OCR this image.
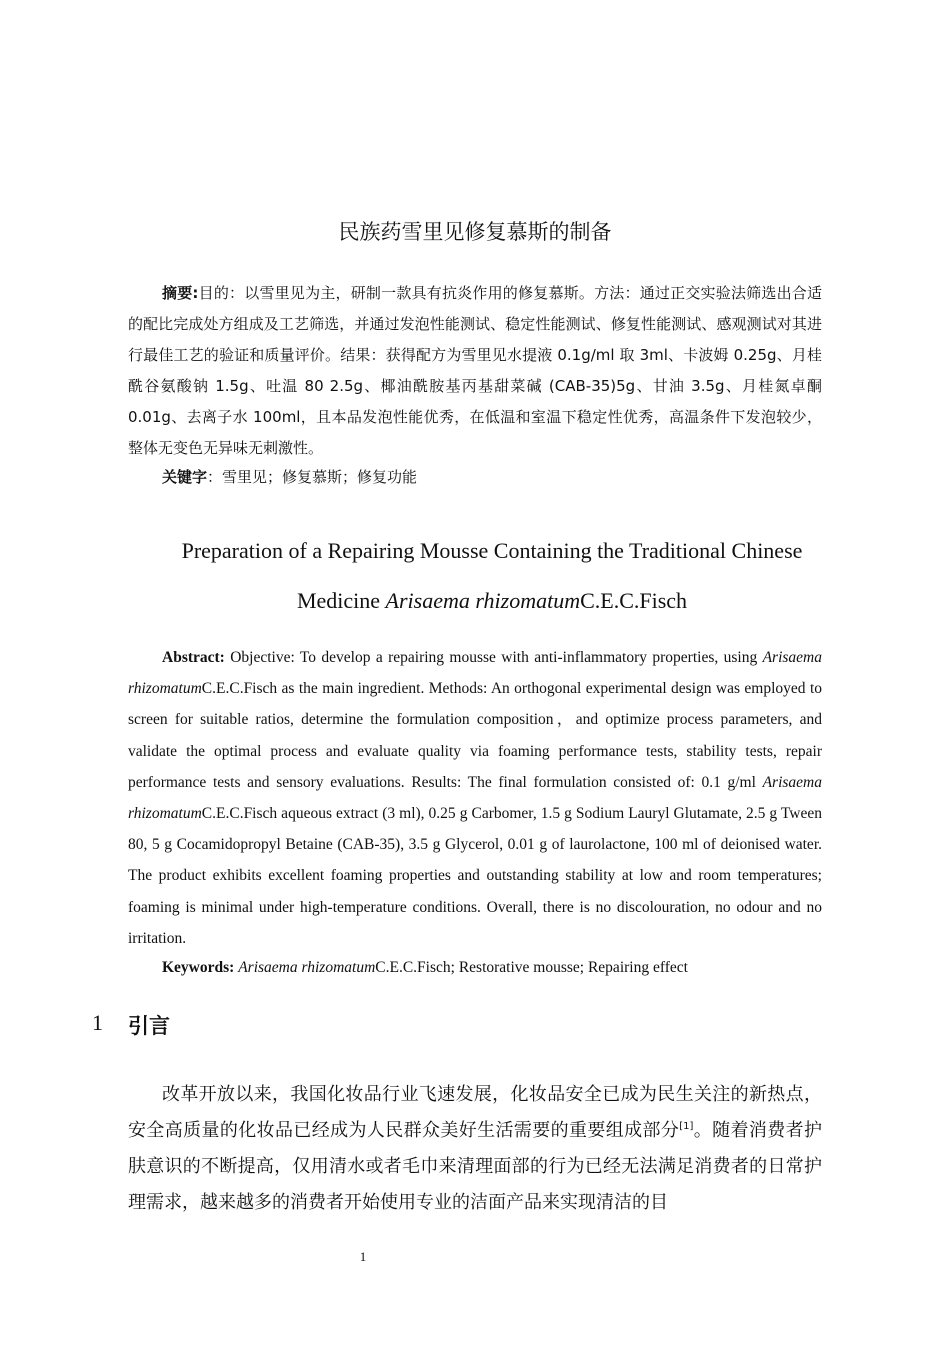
民族药雪里见修复慕斯的制备
摘要:目的：以雪里见为主，研制一款具有抗炎作用的修复慕斯。方法：通过正交实验法筛选出合适的配比完成处方组成及工艺筛选，并通过发泡性能测试、稳定性能测试、修复性能测试、感观测试对其进行最佳工艺的验证和质量评价。结果：获得配方为雪里见水提液 0.1g/ml 取 3ml、卡波姆 0.25g、月桂酰谷氨酸钠 1.5g、吐温 80 2.5g、椰油酰胺基丙基甜菜碱 (CAB-35)5g、甘油 3.5g、月桂氮卓酮 0.01g、去离子水 100ml，且本品发泡性能优秀，在低温和室温下稳定性优秀，高温条件下发泡较少，整体无变色无异味无刺激性。
关键字：雪里见；修复慕斯；修复功能
Preparation of a Repairing Mousse Containing the Traditional Chinese
Medicine Arisaema rhizomatumC.E.C.Fisch
Abstract: Objective: To develop a repairing mousse with anti-inflammatory properties, using Arisaema rhizomatumC.E.C.Fisch as the main ingredient. Methods: An orthogonal experimental design was employed to screen for suitable ratios, determine the formulation composition，and optimize process parameters, and validate the optimal process and evaluate quality via foaming performance tests, stability tests, repair performance tests and sensory evaluations. Results: The final formulation consisted of: 0.1 g/ml Arisaema rhizomatumC.E.C.Fisch aqueous extract (3 ml), 0.25 g Carbomer, 1.5 g Sodium Lauryl Glutamate, 2.5 g Tween 80, 5 g Cocamidopropyl Betaine (CAB-35), 3.5 g Glycerol, 0.01 g of laurolactone, 100 ml of deionised water. The product exhibits excellent foaming properties and outstanding stability at low and room temperatures; foaming is minimal under high-temperature conditions. Overall, there is no discolouration, no odour and no irritation.
Keywords: Arisaema rhizomatumC.E.C.Fisch; Restorative mousse; Repairing effect
1 引言
改革开放以来，我国化妆品行业飞速发展，化妆品安全已成为民生关注的新热点，安全高质量的化妆品已经成为人民群众美好生活需要的重要组成部分[1]。随着消费者护肤意识的不断提高，仅用清水或者毛巾来清理面部的行为已经无法满足消费者的日常护理需求，越来越多的消费者开始使用专业的洁面产品来实现清洁的目
1
